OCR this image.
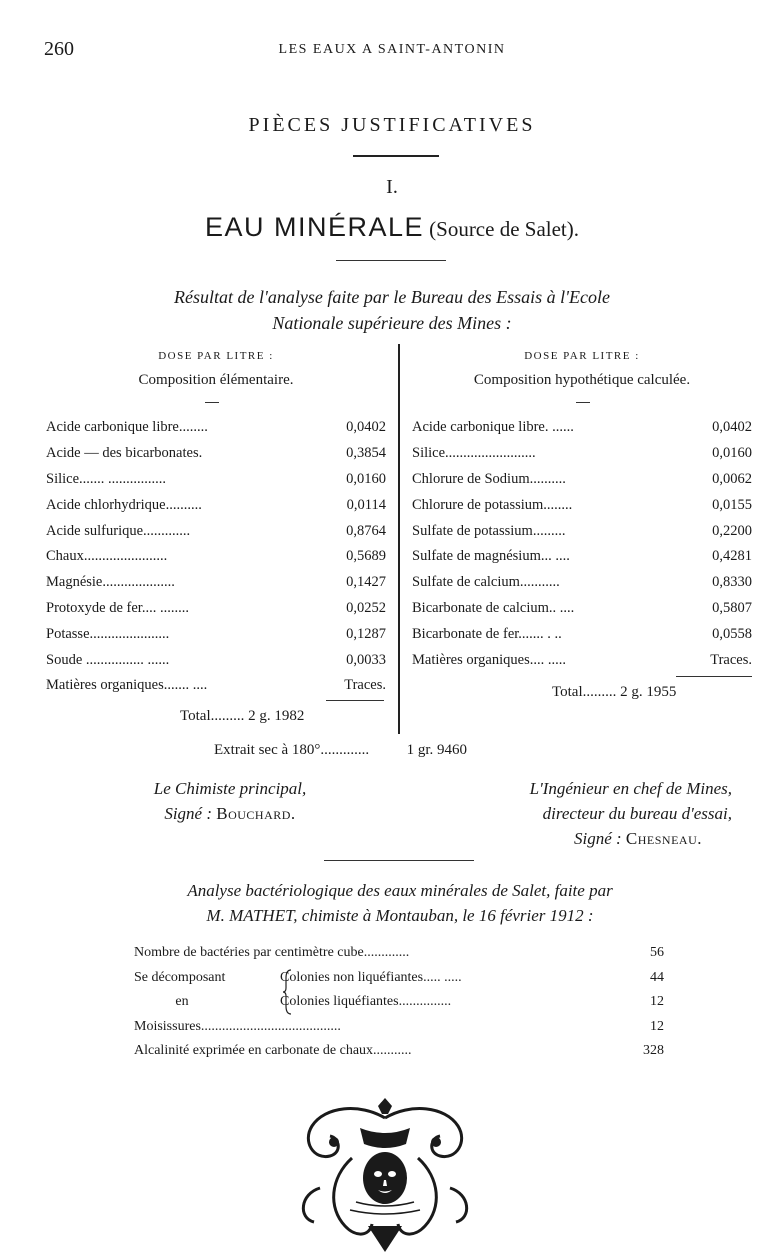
260	LES EAUX A SAINT-ANTONIN
PIÈCES JUSTIFICATIVES
I.
EAU MINÉRALE (Source de Salet).
Résultat de l'analyse faite par le Bureau des Essais à l'Ecole
Nationale supérieure des Mines :
DOSE PAR LITRE :
Composition élémentaire.
DOSE PAR LITRE :
Composition hypothétique calculée.
Acide carbonique libre........	0,0402
Acide — des bicarbonates.	0,3854
Silice....... ................	0,0160
Acide chlorhydrique..........	0,0114
Acide sulfurique.............	0,8764
Chaux.......................	0,5689
Magnésie....................	0,1427
Protoxyde de fer.... ........	0,0252
Potasse......................	0,1287
Soude ................ ......	0,0033
Matières organiques....... ....	Traces.
Total......... 2 g. 1982
Acide carbonique libre. ......	0,0402
Silice.........................	0,0160
Chlorure de Sodium..........	0,0062
Chlorure de potassium........	0,0155
Sulfate de potassium.........	0,2200
Sulfate de magnésium... ....	0,4281
Sulfate de calcium...........	0,8330
Bicarbonate de calcium.. ....	0,5807
Bicarbonate de fer....... . ..	0,0558
Matières organiques.... .....	Traces.
Total......... 2 g. 1955
Extrait sec à 180°.............	1 gr. 9460
Le Chimiste principal,
Signé : Bouchard.
L'Ingénieur en chef de Mines,
directeur du bureau d'essai,
Signé : Chesneau.
Analyse bactériologique des eaux minérales de Salet, faite par
M. MATHET, chimiste à Montauban, le 16 février 1912 :
Nombre de bactéries par centimètre cube.............	56
Se décomposant	Colonies non liquéfiantes..... .....	44
en	Colonies liquéfiantes...............	12
Moisissures........................................	12
Alcalinité exprimée en carbonate de chaux...........	328
